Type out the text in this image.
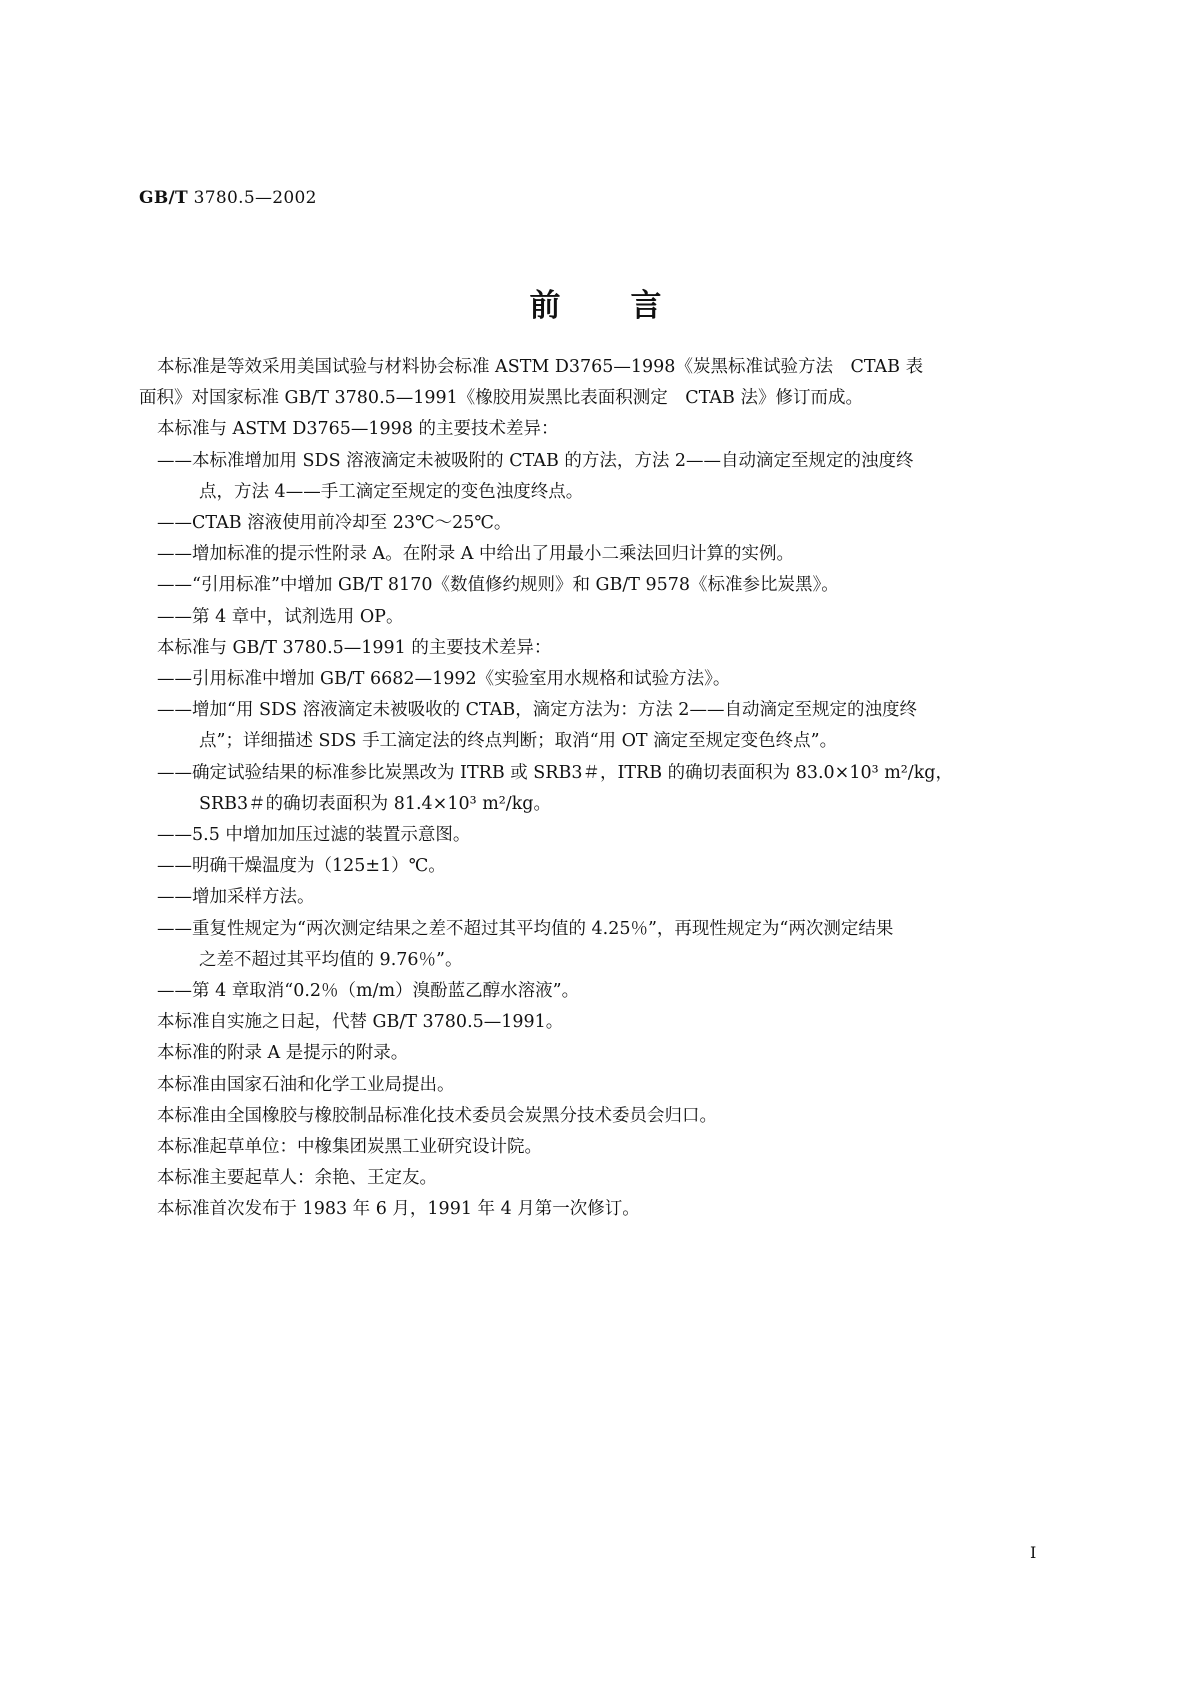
GB/T 3780.5—2002
前言

本标准是等效采用美国试验与材料协会标准 ASTM D3765—1998《炭黑标准试验方法　CTAB 表

面积》对国家标准 GB/T 3780.5—1991《橡胶用炭黑比表面积测定　CTAB 法》修订而成。

本标准与 ASTM D3765—1998 的主要技术差异：

——本标准增加用 SDS 溶液滴定未被吸附的 CTAB 的方法，方法 2——自动滴定至规定的浊度终

点，方法 4——手工滴定至规定的变色浊度终点。

——CTAB 溶液使用前冷却至 23℃～25℃。

——增加标准的提示性附录 A。在附录 A 中给出了用最小二乘法回归计算的实例。

——“引用标准”中增加 GB/T 8170《数值修约规则》和 GB/T 9578《标准参比炭黑》。

——第 4 章中，试剂选用 OP。

本标准与 GB/T 3780.5—1991 的主要技术差异：

——引用标准中增加 GB/T 6682—1992《实验室用水规格和试验方法》。

——增加“用 SDS 溶液滴定未被吸收的 CTAB，滴定方法为：方法 2——自动滴定至规定的浊度终

点”；详细描述 SDS 手工滴定法的终点判断；取消“用 OT 滴定至规定变色终点”。

——确定试验结果的标准参比炭黑改为 ITRB 或 SRB3＃，ITRB 的确切表面积为 83.0×10³ m²/kg，

SRB3＃的确切表面积为 81.4×10³ m²/kg。

——5.5 中增加加压过滤的装置示意图。

——明确干燥温度为（125±1）℃。

——增加采样方法。

——重复性规定为“两次测定结果之差不超过其平均值的 4.25％”，再现性规定为“两次测定结果

之差不超过其平均值的 9.76％”。

——第 4 章取消“0.2％（m/m）溴酚蓝乙醇水溶液”。

本标准自实施之日起，代替 GB/T 3780.5—1991。

本标准的附录 A 是提示的附录。

本标准由国家石油和化学工业局提出。

本标准由全国橡胶与橡胶制品标准化技术委员会炭黑分技术委员会归口。

本标准起草单位：中橡集团炭黑工业研究设计院。

本标准主要起草人：余艳、王定友。

本标准首次发布于 1983 年 6 月，1991 年 4 月第一次修订。

I
